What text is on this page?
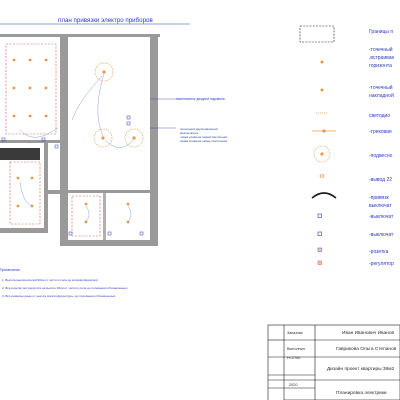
план привязки электро приборов
выключатель диодной подсветки
проходной двухклавишный
выключатель
левая клавиша левый светильник
права клавиша левые светильник
Границы п
-точечный
,встраивае
горизонта
-точечный
накладной
светодио
-трековая
-подвесно
-вывод 22
-привязк
выключат
-выключат
-выключат
-розетка
-регулятор
Примечание:
1. Высота выключателей 90см от чистого пола до косяка(оформляя)
2. Все розетки ретушруются на высоте 30см от чистого пола до положения обозначенных.
3. Все размеры даны от центра электрофурнитуры, до положения обозначенных.
Заказчик	Иван Иванович Иванов
Выполнил	Гаврикова Ольга Степанов
Н=2750
Дизайн проект квартиры 38м2
2020
Планировка электрики
